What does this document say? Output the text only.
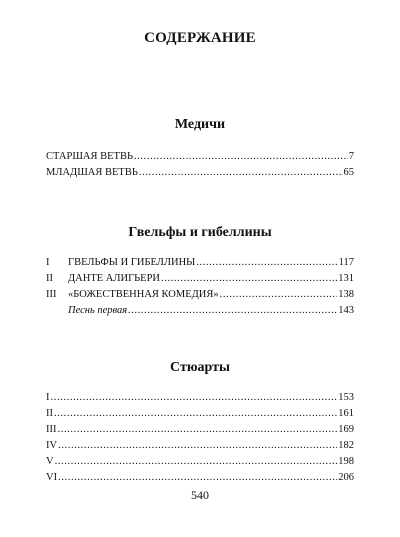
СОДЕРЖАНИЕ
Медичи
СТАРШАЯ ВЕТВЬ .....	7
МЛАДШАЯ ВЕТВЬ .....	65
Гвельфы и гибеллины
I	ГВЕЛЬФЫ И ГИБЕЛЛИНЫ .....	117
II	ДАНТЕ АЛИГЬЕРИ .....	131
III	«БОЖЕСТВЕННАЯ КОМЕДИЯ» .....	138
Песнь первая .....	143
Стюарты
I .....	153
II .....	161
III .....	169
IV .....	182
V .....	198
VI .....	206
540
